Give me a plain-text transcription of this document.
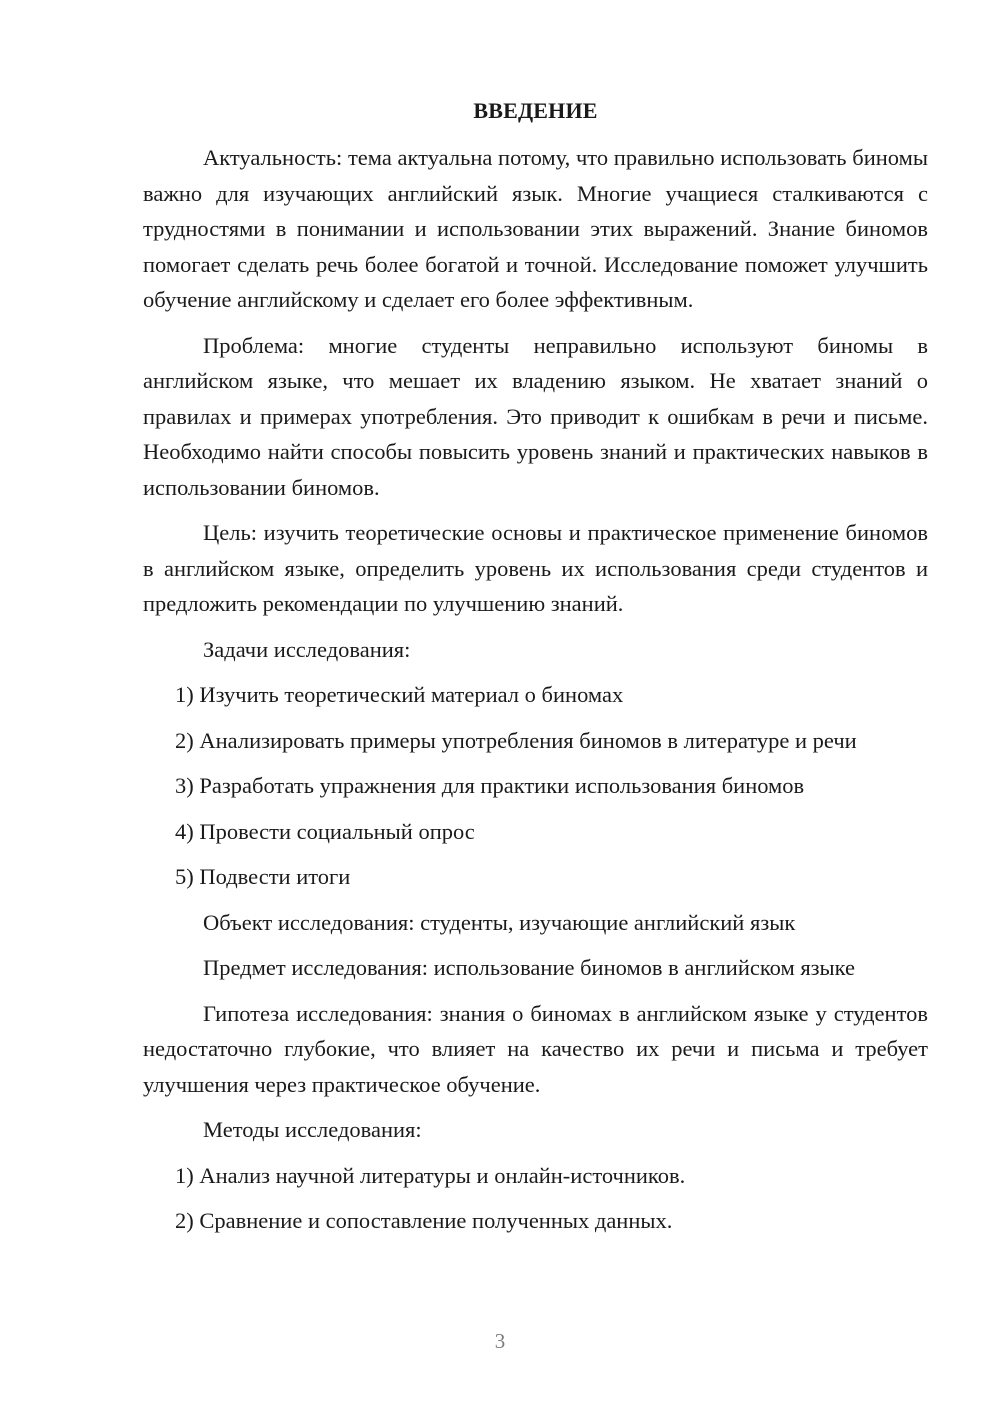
ВВЕДЕНИЕ

Актуальность: тема актуальна потому, что правильно использовать биномы важно для изучающих английский язык. Многие учащиеся сталкиваются с трудностями в понимании и использовании этих выражений. Знание биномов помогает сделать речь более богатой и точной. Исследование поможет улучшить обучение английскому и сделает его более эффективным.

Проблема: многие студенты неправильно используют биномы в английском языке, что мешает их владению языком. Не хватает знаний о правилах и примерах употребления. Это приводит к ошибкам в речи и письме. Необходимо найти способы повысить уровень знаний и практических навыков в использовании биномов.

Цель: изучить теоретические основы и практическое применение биномов в английском языке, определить уровень их использования среди студентов и предложить рекомендации по улучшению знаний.

Задачи исследования:

1) Изучить теоретический материал о биномах

2) Анализировать примеры употребления биномов в литературе и речи

3) Разработать упражнения для практики использования биномов

4) Провести социальный опрос

5) Подвести итоги

Объект исследования: студенты, изучающие английский язык

Предмет исследования: использование биномов в английском языке

Гипотеза исследования: знания о биномах в английском языке у студентов недостаточно глубокие, что влияет на качество их речи и письма и требует улучшения через практическое обучение.

Методы исследования:

1) Анализ научной литературы и онлайн-источников.

2) Сравнение и сопоставление полученных данных.

3
